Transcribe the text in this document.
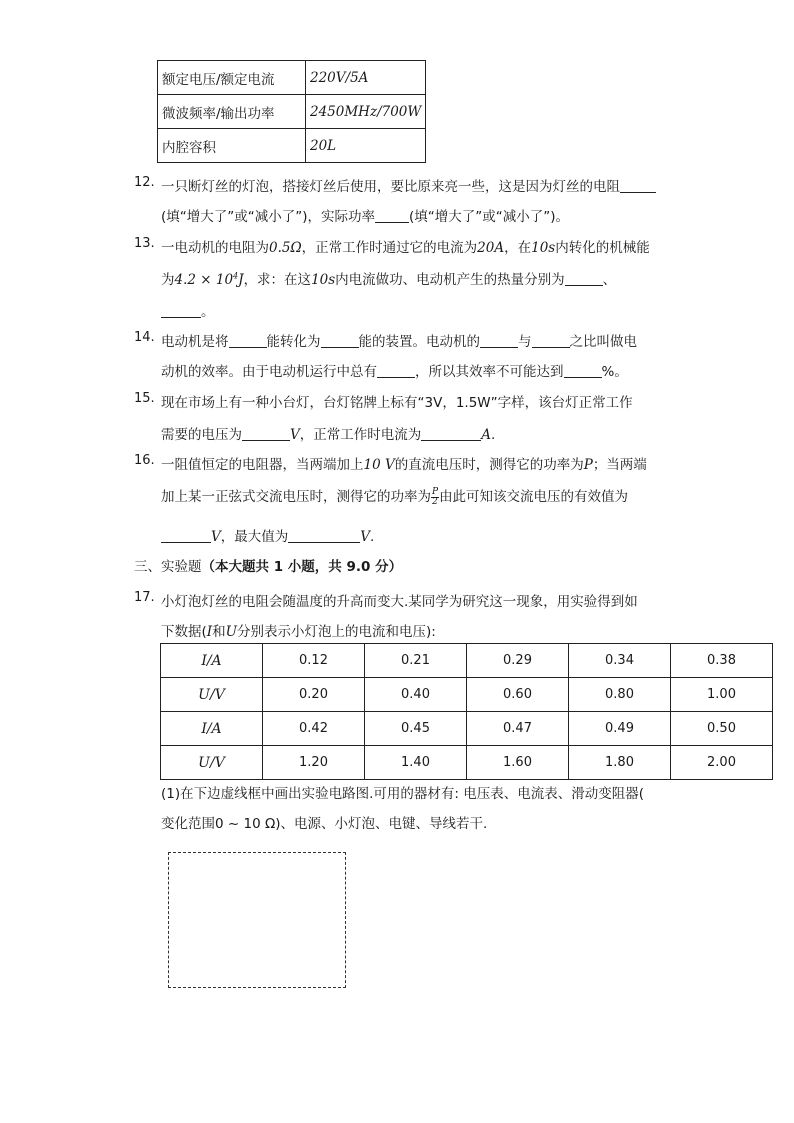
额定电压/额定电流	220V/5A
微波频率/输出功率	2450MHz/700W
内腔容积	20L
12. 一只断灯丝的灯泡，搭接灯丝后使用，要比原来亮一些，这是因为灯丝的电阻
(填“增大了”或“减小了”)，实际功率	(填“增大了”或“减小了”)。
13. 一电动机的电阻为0.5Ω，正常工作时通过它的电流为20A，在10s内转化的机械能
为$4.2 \times 10^4J$，求：在这10s内电流做功、电动机产生的热量分别为	、
。
14. 电动机是将	能转化为	能的装置。电动机的	与	之比叫做电
动机的效率。由于电动机运行中总有	，所以其效率不可能达到	%。
15. 现在市场上有一种小台灯，台灯铭牌上标有“3V，1.5W”字样，该台灯正常工作
需要的电压为	V，正常工作时电流为	A.
16. 一阻值恒定的电阻器，当两端加上10 V的直流电压时，测得它的功率为P；当两端
加上某一正弦式交流电压时，测得它的功率为 $\frac{P}{2}$ 由此可知该交流电压的有效值为
V，最大值为	V.
三、实验题（本大题共 1 小题，共 9.0 分）
17. 小灯泡灯丝的电阻会随温度的升高而变大.某同学为研究这一现象，用实验得到如
下数据(I和U分别表示小灯泡上的电流和电压):
I/A	0.12	0.21	0.29	0.34	0.38
U/V	0.20	0.40	0.60	0.80	1.00
I/A	0.42	0.45	0.47	0.49	0.50
U/V	1.20	1.40	1.60	1.80	2.00
(1)在下边虚线框中画出实验电路图.可用的器材有: 电压表、电流表、滑动变阻器(
变化范围0 ~ 10 Ω)、电源、小灯泡、电键、导线若干.
